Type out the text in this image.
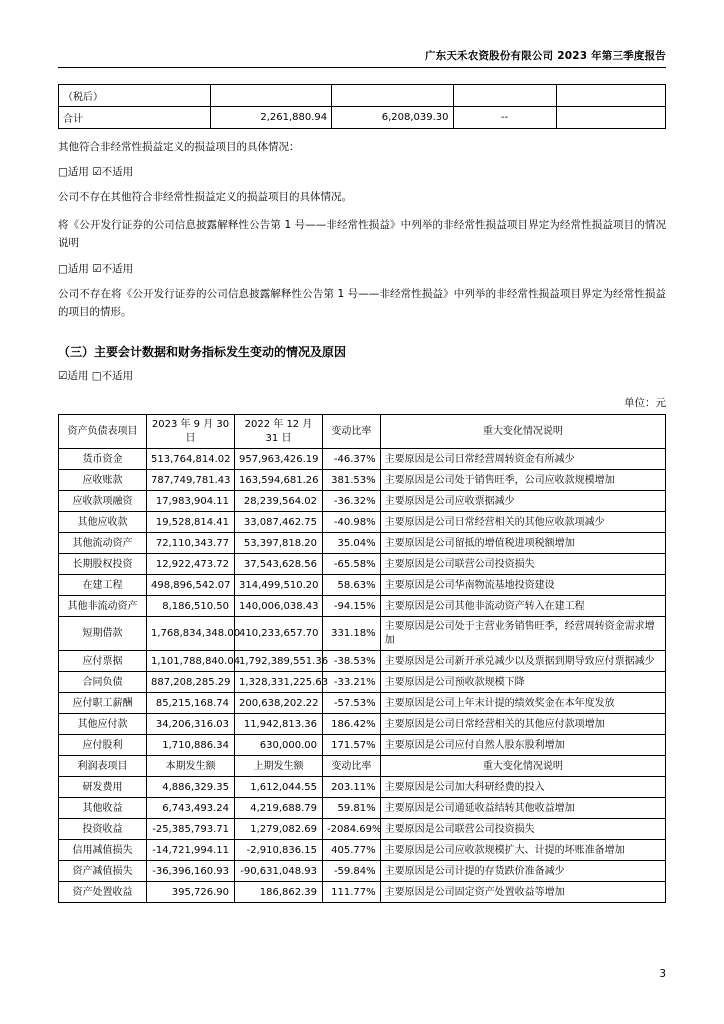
广东天禾农资股份有限公司 2023 年第三季度报告
（税后）				
合计	2,261,880.94	6,208,039.30	--	

其他符合非经常性损益定义的损益项目的具体情况：

□适用 ☑不适用

公司不存在其他符合非经常性损益定义的损益项目的具体情况。

将《公开发行证券的公司信息披露解释性公告第 1 号——非经常性损益》中列举的非经常性损益项目界定为经常性损益项目的情况说明

□适用 ☑不适用

公司不存在将《公开发行证券的公司信息披露解释性公告第 1 号——非经常性损益》中列举的非经常性损益项目界定为经常性损益的项目的情形。

（三）主要会计数据和财务指标发生变动的情况及原因

☑适用 □不适用

单位：元

资产负债表项目	2023 年 9 月 30 日	2022 年 12 月 31 日	变动比率	重大变化情况说明
货币资金	513,764,814.02	957,963,426.19	-46.37%	主要原因是公司日常经营周转资金有所减少
应收账款	787,749,781.43	163,594,681.26	381.53%	主要原因是公司处于销售旺季，公司应收款规模增加
应收款项融资	17,983,904.11	28,239,564.02	-36.32%	主要原因是公司应收票据减少
其他应收款	19,528,814.41	33,087,462.75	-40.98%	主要原因是公司日常经营相关的其他应收款项减少
其他流动资产	72,110,343.77	53,397,818.20	35.04%	主要原因是公司留抵的增值税进项税额增加
长期股权投资	12,922,473.72	37,543,628.56	-65.58%	主要原因是公司联营公司投资损失
在建工程	498,896,542.07	314,499,510.20	58.63%	主要原因是公司华南物流基地投资建设
其他非流动资产	8,186,510.50	140,006,038.43	-94.15%	主要原因是公司其他非流动资产转入在建工程
短期借款	1,768,834,348.00	410,233,657.70	331.18%	主要原因是公司处于主营业务销售旺季，经营周转资金需求增加
应付票据	1,101,788,840.04	1,792,389,551.36	-38.53%	主要原因是公司新开承兑减少以及票据到期导致应付票据减少
合同负债	887,208,285.29	1,328,331,225.63	-33.21%	主要原因是公司预收款规模下降
应付职工薪酬	85,215,168.74	200,638,202.22	-57.53%	主要原因是公司上年末计提的绩效奖金在本年度发放
其他应付款	34,206,316.03	11,942,813.36	186.42%	主要原因是公司日常经营相关的其他应付款项增加
应付股利	1,710,886.34	630,000.00	171.57%	主要原因是公司应付自然人股东股利增加
利润表项目	本期发生额	上期发生额	变动比率	重大变化情况说明
研发费用	4,886,329.35	1,612,044.55	203.11%	主要原因是公司加大科研经费的投入
其他收益	6,743,493.24	4,219,688.79	59.81%	主要原因是公司通延收益结转其他收益增加
投资收益	-25,385,793.71	1,279,082.69	-2084.69%	主要原因是公司联营公司投资损失
信用减值损失	-14,721,994.11	-2,910,836.15	405.77%	主要原因是公司应收款规模扩大、计提的坏账准备增加
资产减值损失	-36,396,160.93	-90,631,048.93	-59.84%	主要原因是公司计提的存货跌价准备减少
资产处置收益	395,726.90	186,862.39	111.77%	主要原因是公司固定资产处置收益等增加
3
